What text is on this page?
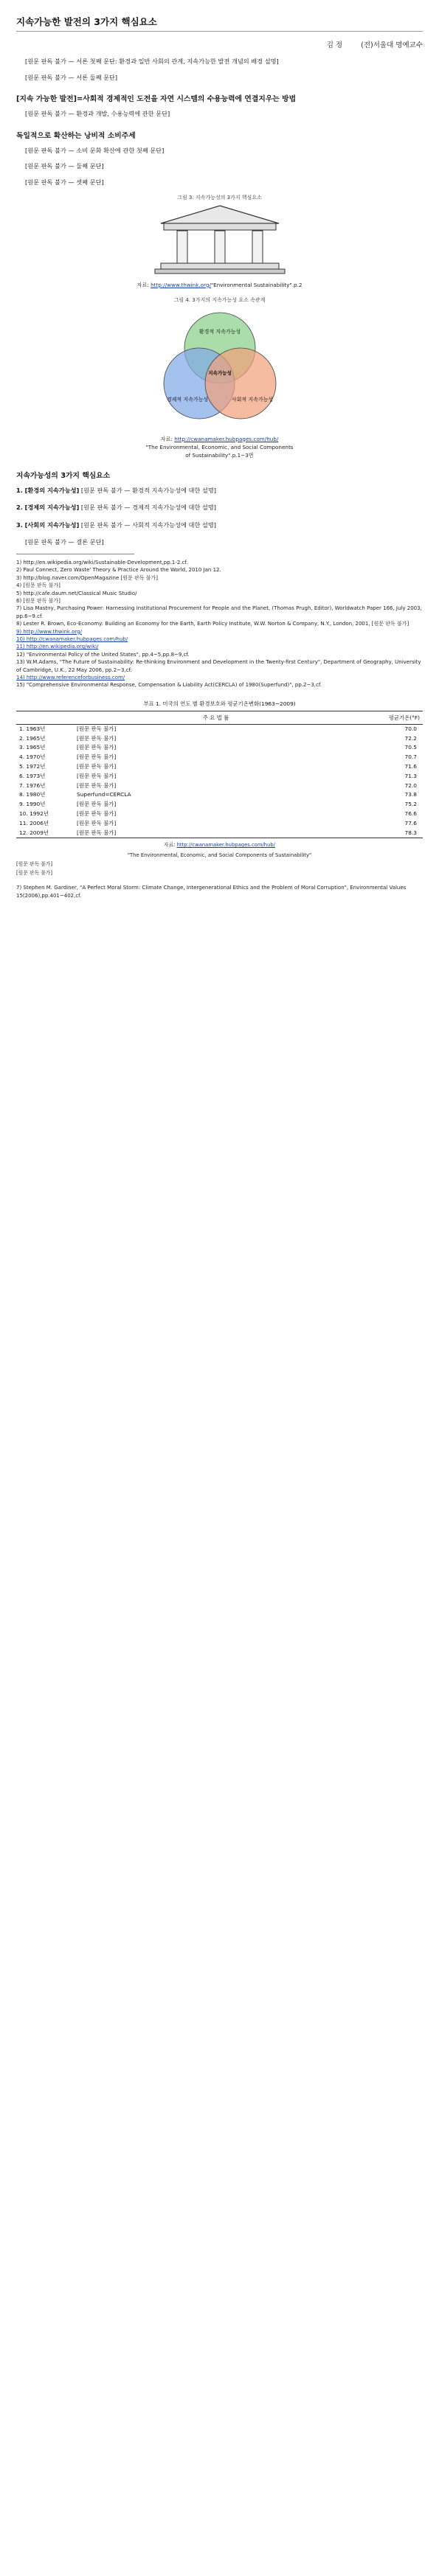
지속가능한 발전의 3가지 핵심요소
김 정	(전)서울대 명예교수

[원문 판독 불가 — 서론 첫째 문단: 환경과 일반 사회의 관계, 지속가능한 발전 개념의 배경 설명]

[원문 판독 불가 — 서론 둘째 문단]

[지속 가능한 발전]=사회적 경제적인 도전을 자연 시스템의 수용능력에 연결지우는 방법

[원문 판독 불가 — 환경과 개발, 수용능력에 관한 문단]

독일적으로 확산하는 낭비적 소비주세

[원문 판독 불가 — 소비 문화 확산에 관한 첫째 문단]

[원문 판독 불가 — 둘째 문단]

[원문 판독 불가 — 셋째 문단]

그림 3. 지속가능성의 3가지 핵심요소
자료: http://www.thwink.org/"Environmental Sustainability".p.2
그림 4. 3가지의 지속가능성 요소 속관계
환경적 지속가능성
경제적 지속가능성	사회적 지속가능성
지속가능성
자료: http://cwanamaker.hubpages.com/hub/
"The Environmental, Economic, and Social Components
of Sustainability".p.1~3번
지속가능성의 3가지 핵심요소

1. [환경의 지속가능성] [원문 판독 불가 — 환경적 지속가능성에 대한 설명]

2. [경제의 지속가능성] [원문 판독 불가 — 경제적 지속가능성에 대한 설명]

3. [사회의 지속가능성] [원문 판독 불가 — 사회적 지속가능성에 대한 설명]

[원문 판독 불가 — 결론 문단]

1) http://en.wikipedia.org/wiki/Sustainable-Development,pp.1-2.cf.

2) Paul Connect, Zero Waste' Theory & Practice Around the World, 2010 Jan 12.

3) http://blog.naver.com/OpenMagazine [원문 판독 불가]

4) [원문 판독 불가]

5) http://cafe.daum.net/Classical Music Studio/

6) [원문 판독 불가]

7) Lisa Mastny, Purchasing Power: Harnessing Institutional Procurement for People and the Planet, (Thomas Prugh, Editor), Worldwatch Paper 166, July 2003, pp.6~9.cf.

8) Lester R. Brown, Eco-Economy: Building an Economy for the Earth, Earth Policy Institute, W.W. Norton & Company, N.Y., London, 2001, [원문 판독 불가]

9) http://www.thwink.org/

10) http://cwanamaker.hubpages.com/hub/

11) http://en.wikipedia.org/wiki/

12) "Environmental Policy of the United States", pp.4~5,pp.8~9,cf.

13) W.M.Adams, "The Future of Sustainability: Re-thinking Environment and Development in the Twenty-first Century", Department of Geography, University of Cambridge, U.K., 22 May 2006, pp.2~3,cf.

14) http://www.referenceforbusiness.com/

15) "Comprehensive Environmental Response, Compensation & Liability Act(CERCLA) of 1980(Superfund)", pp.2~3,cf.

부표 1. 미국의 연도 별 환경보호와 평균기온변화(1963~2009)
	주 요 법 률	평균기온(°F)
1. 1963년	[원문 판독 불가]	70.0
2. 1965년	[원문 판독 불가]	72.2
3. 1965년	[원문 판독 불가]	70.5
4. 1970년	[원문 판독 불가]	70.7
5. 1972년	[원문 판독 불가]	71.6
6. 1973년	[원문 판독 불가]	71.3
7. 1976년	[원문 판독 불가]	72.0
8. 1980년	Superfund=CERCLA	73.8
9. 1990년	[원문 판독 불가]	75.2
10. 1992년	[원문 판독 불가]	76.6
11. 2006년	[원문 판독 불가]	77.6
12. 2009년	[원문 판독 불가]	78.3

자료: http://cwanamaker.hubpages.com/hub/

"The Environmental, Economic, and Social Components of Sustainability"

[원문 판독 불가]

[원문 판독 불가]

7) Stephen M. Gardiner, "A Perfect Moral Storm: Climate Change, Intergenerational Ethics and the Problem of Moral Corruption", Environmental Values 15(2006),pp.401~402,cf.
